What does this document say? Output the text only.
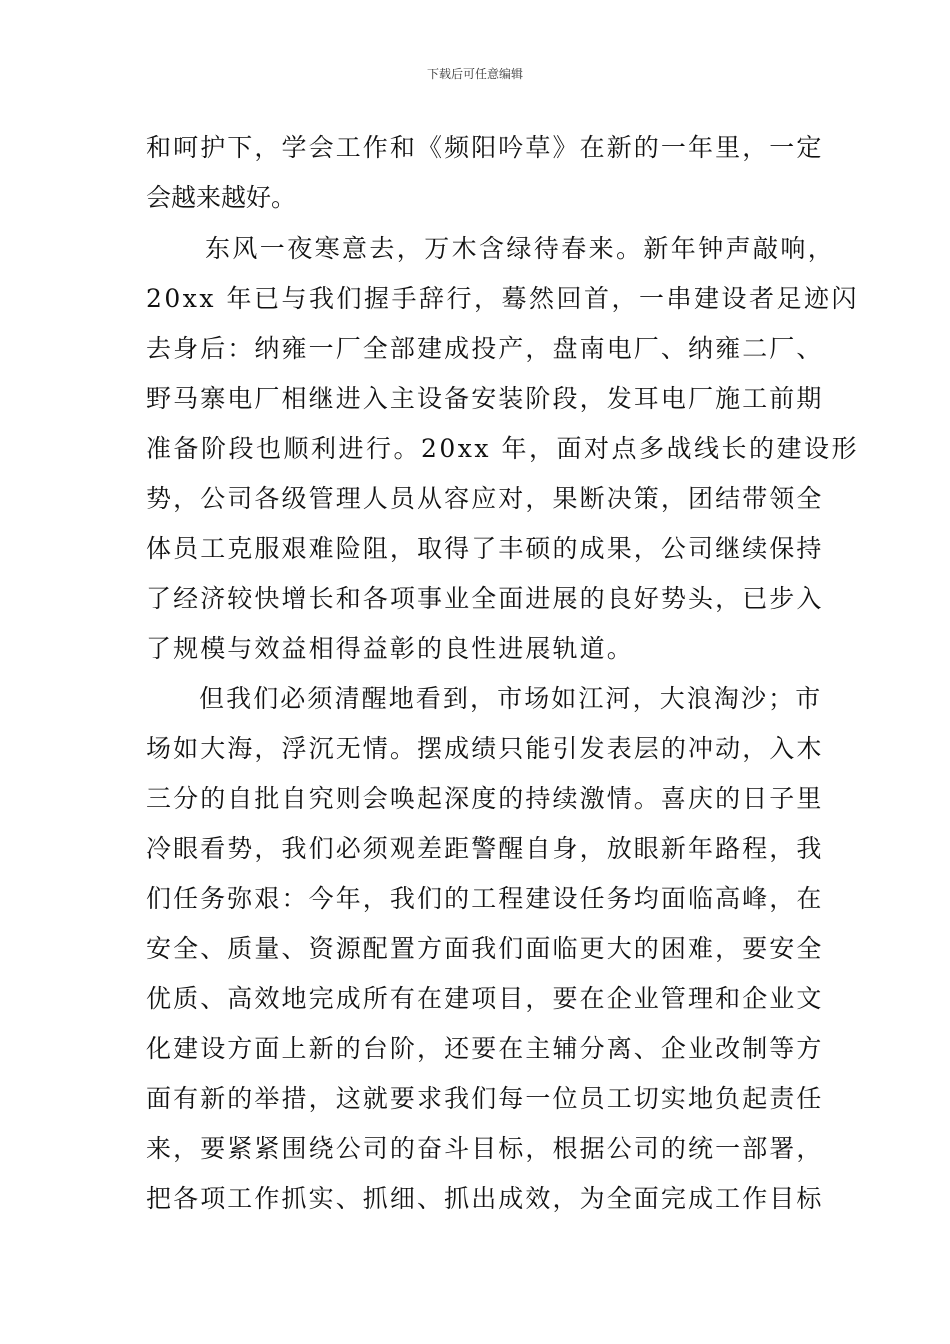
下载后可任意编辑
和呵护下，学会工作和《频阳吟草》在新的一年里，一定
会越来越好。
东风一夜寒意去，万木含绿待春来。新年钟声敲响，
20xx 年已与我们握手辞行，蓦然回首，一串建设者足迹闪
去身后：纳雍一厂全部建成投产，盘南电厂、纳雍二厂、
野马寨电厂相继进入主设备安装阶段，发耳电厂施工前期
准备阶段也顺利进行。20xx 年，面对点多战线长的建设形
势，公司各级管理人员从容应对，果断决策，团结带领全
体员工克服艰难险阻，取得了丰硕的成果，公司继续保持
了经济较快增长和各项事业全面进展的良好势头，已步入
了规模与效益相得益彰的良性进展轨道。
但我们必须清醒地看到，市场如江河，大浪淘沙；市
场如大海，浮沉无情。摆成绩只能引发表层的冲动，入木
三分的自批自究则会唤起深度的持续激情。喜庆的日子里
冷眼看势，我们必须观差距警醒自身，放眼新年路程，我
们任务弥艰：今年，我们的工程建设任务均面临高峰，在
安全、质量、资源配置方面我们面临更大的困难，要安全
优质、高效地完成所有在建项目，要在企业管理和企业文
化建设方面上新的台阶，还要在主辅分离、企业改制等方
面有新的举措，这就要求我们每一位员工切实地负起责任
来，要紧紧围绕公司的奋斗目标，根据公司的统一部署，
把各项工作抓实、抓细、抓出成效，为全面完成工作目标
